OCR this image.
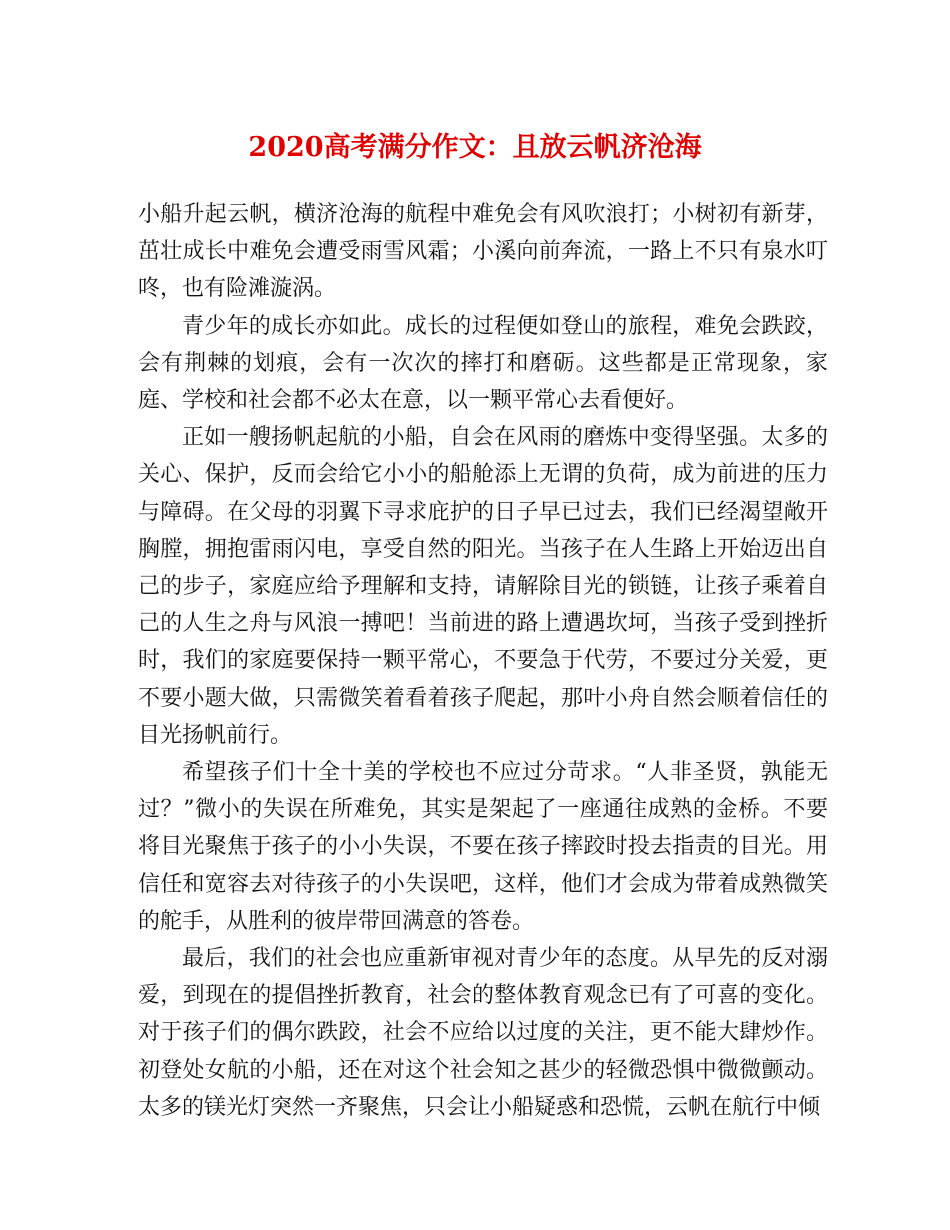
2020高考满分作文：且放云帆济沧海

小船升起云帆，横济沧海的航程中难免会有风吹浪打；小树初有新芽，茁壮成长中难免会遭受雨雪风霜；小溪向前奔流，一路上不只有泉水叮咚，也有险滩漩涡。

青少年的成长亦如此。成长的过程便如登山的旅程，难免会跌跤，会有荆棘的划痕，会有一次次的摔打和磨砺。这些都是正常现象，家庭、学校和社会都不必太在意，以一颗平常心去看便好。

正如一艘扬帆起航的小船，自会在风雨的磨炼中变得坚强。太多的关心、保护，反而会给它小小的船舱添上无谓的负荷，成为前进的压力与障碍。在父母的羽翼下寻求庇护的日子早已过去，我们已经渴望敞开胸膛，拥抱雷雨闪电，享受自然的阳光。当孩子在人生路上开始迈出自己的步子，家庭应给予理解和支持，请解除目光的锁链，让孩子乘着自己的人生之舟与风浪一搏吧！当前进的路上遭遇坎坷，当孩子受到挫折时，我们的家庭要保持一颗平常心，不要急于代劳，不要过分关爱，更不要小题大做，只需微笑着看着孩子爬起，那叶小舟自然会顺着信任的目光扬帆前行。

希望孩子们十全十美的学校也不应过分苛求。“人非圣贤，孰能无过？”微小的失误在所难免，其实是架起了一座通往成熟的金桥。不要将目光聚焦于孩子的小小失误，不要在孩子摔跤时投去指责的目光。用信任和宽容去对待孩子的小失误吧，这样，他们才会成为带着成熟微笑的舵手，从胜利的彼岸带回满意的答卷。

最后，我们的社会也应重新审视对青少年的态度。从早先的反对溺爱，到现在的提倡挫折教育，社会的整体教育观念已有了可喜的变化。对于孩子们的偶尔跌跤，社会不应给以过度的关注，更不能大肆炒作。初登处女航的小船，还在对这个社会知之甚少的轻微恐惧中微微颤动。太多的镁光灯突然一齐聚焦，只会让小船疑惑和恐慌，云帆在航行中倾
